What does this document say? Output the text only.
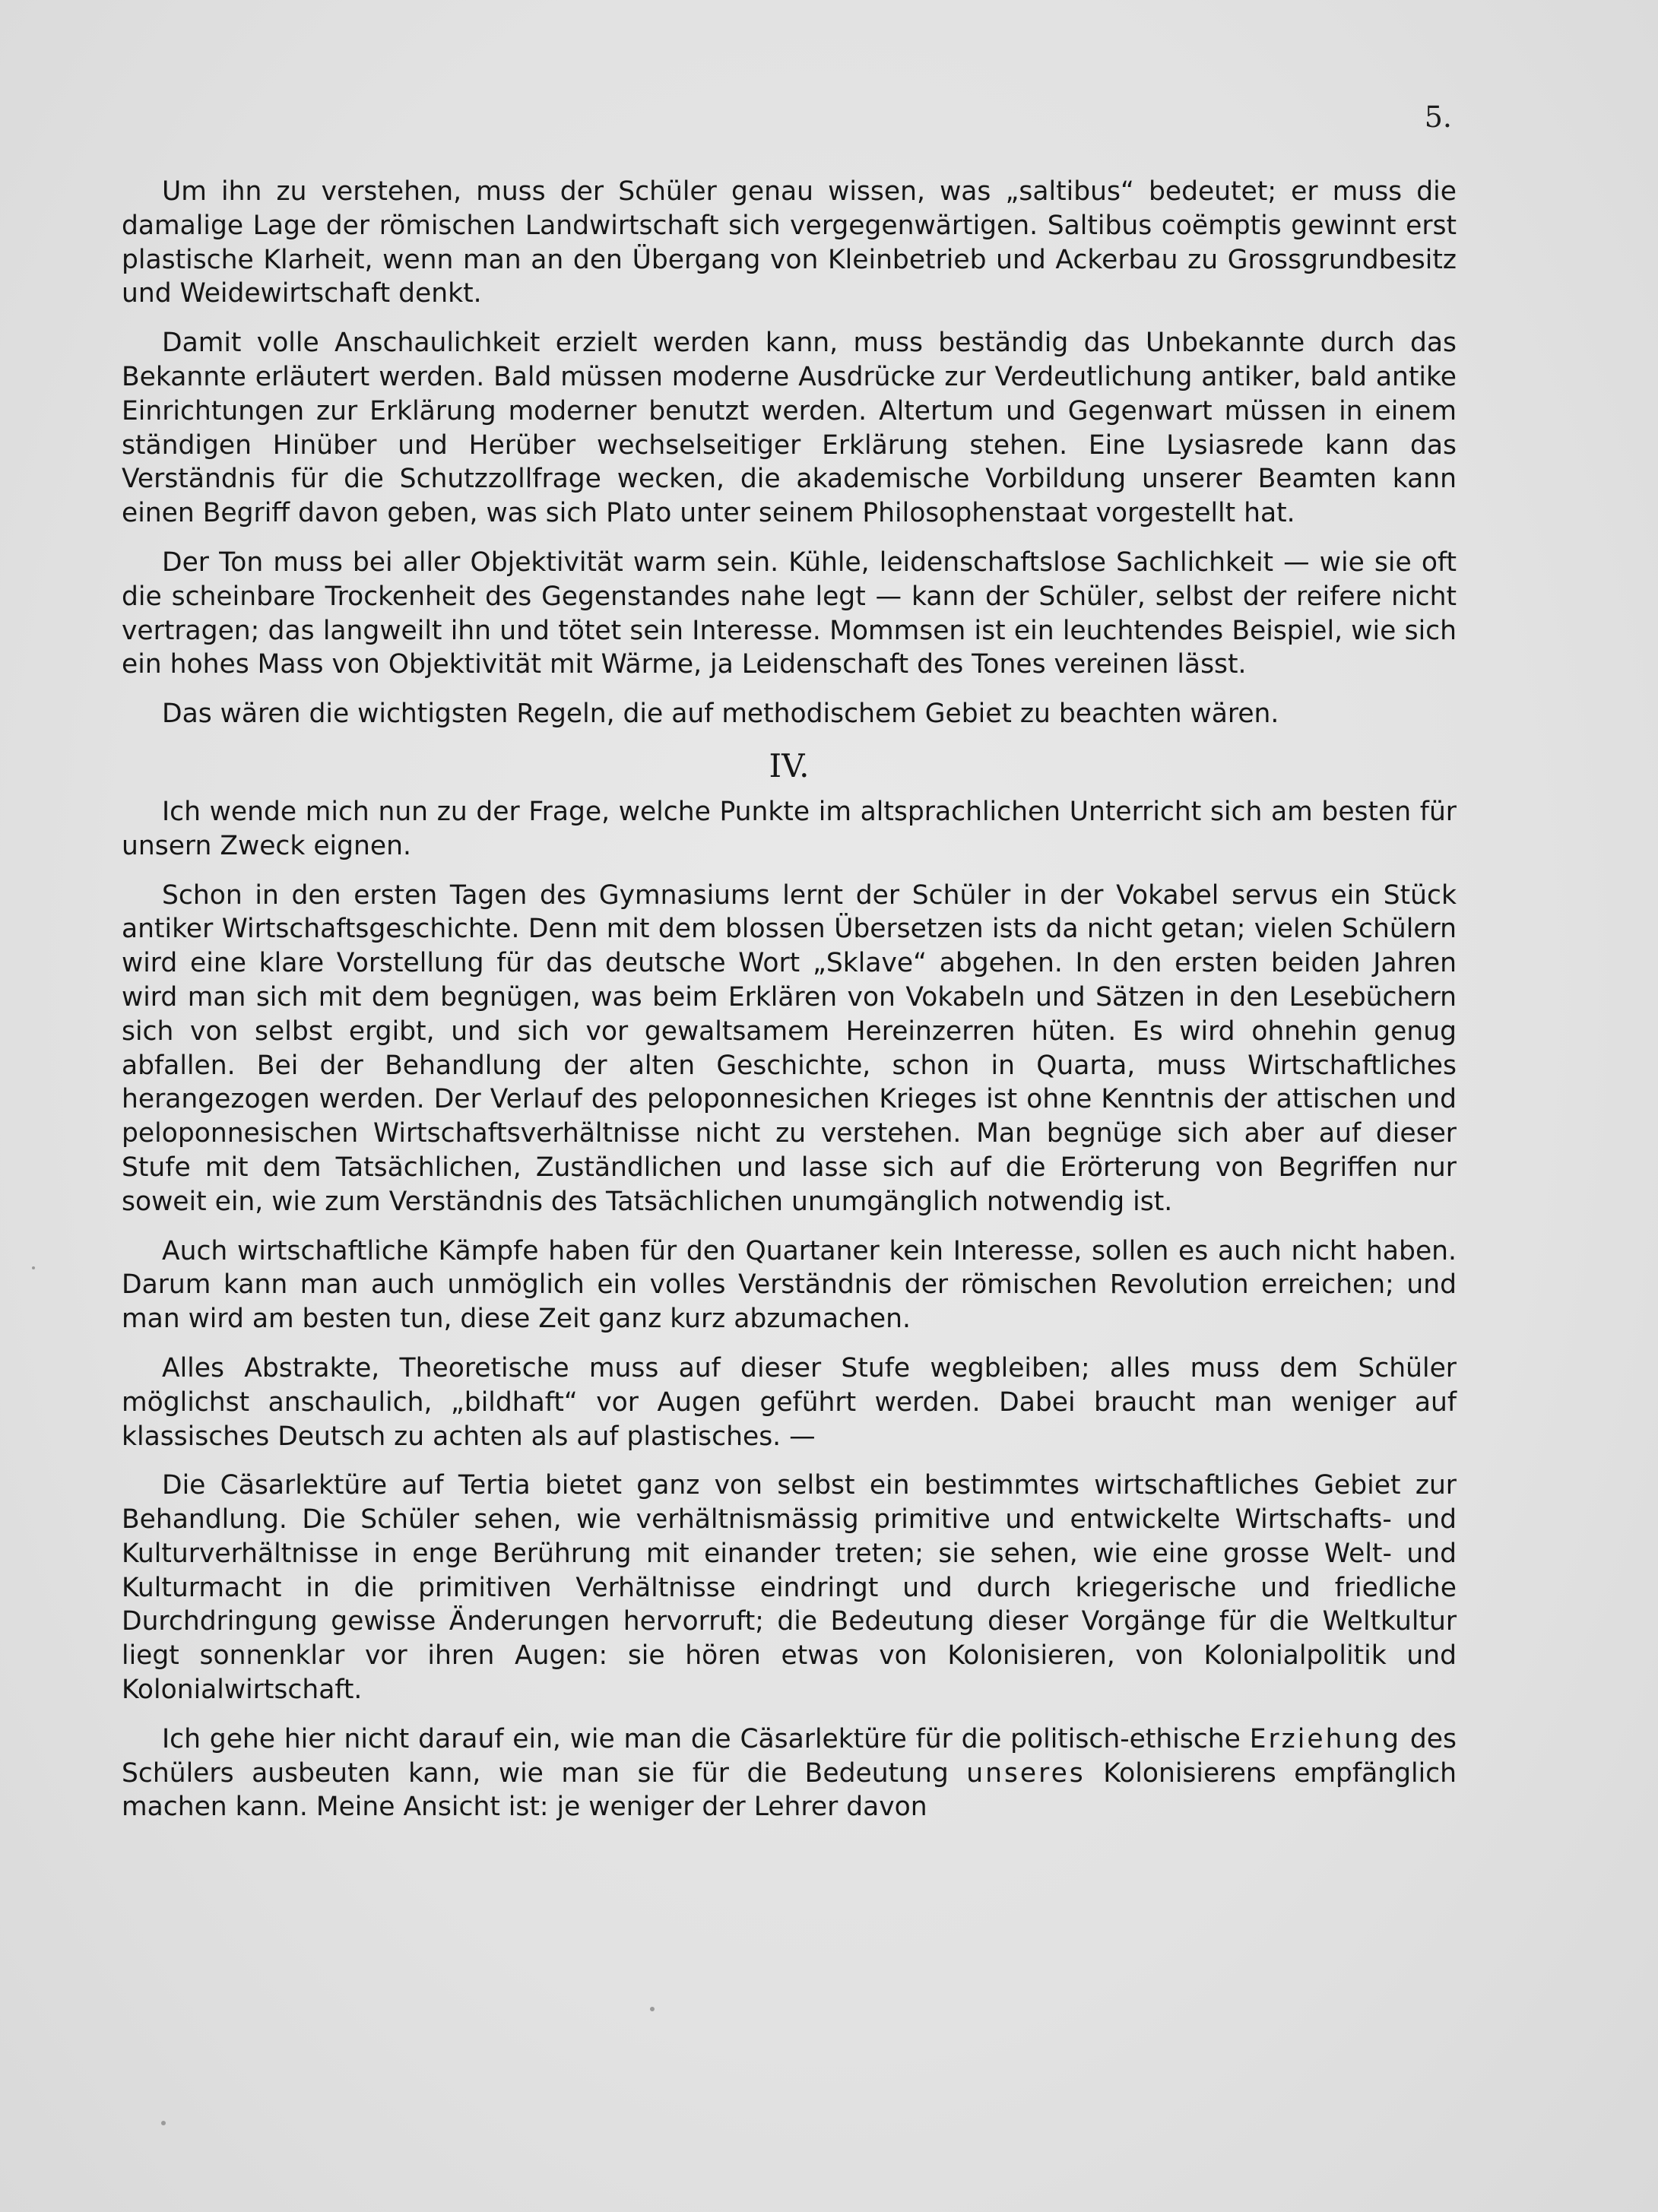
5.

Um ihn zu verstehen, muss der Schüler genau wissen, was „saltibus“ bedeutet; er muss die damalige Lage der römischen Landwirtschaft sich vergegenwärtigen. Saltibus coëmptis gewinnt erst plastische Klarheit, wenn man an den Übergang von Kleinbetrieb und Ackerbau zu Grossgrundbesitz und Weidewirtschaft denkt.

Damit volle Anschaulichkeit erzielt werden kann, muss beständig das Unbekannte durch das Bekannte erläutert werden. Bald müssen moderne Ausdrücke zur Verdeutlichung antiker, bald antike Einrichtungen zur Erklärung moderner benutzt werden. Altertum und Gegenwart müssen in einem ständigen Hinüber und Herüber wechselseitiger Erklärung stehen. Eine Lysiasrede kann das Verständnis für die Schutzzollfrage wecken, die akademische Vorbildung unserer Beamten kann einen Begriff davon geben, was sich Plato unter seinem Philosophenstaat vorgestellt hat.

Der Ton muss bei aller Objektivität warm sein. Kühle, leidenschaftslose Sachlichkeit — wie sie oft die scheinbare Trockenheit des Gegenstandes nahe legt — kann der Schüler, selbst der reifere nicht vertragen; das langweilt ihn und tötet sein Interesse. Mommsen ist ein leuchtendes Beispiel, wie sich ein hohes Mass von Objektivität mit Wärme, ja Leidenschaft des Tones vereinen lässt.

Das wären die wichtigsten Regeln, die auf methodischem Gebiet zu beachten wären.

IV.

Ich wende mich nun zu der Frage, welche Punkte im altsprachlichen Unterricht sich am besten für unsern Zweck eignen.

Schon in den ersten Tagen des Gymnasiums lernt der Schüler in der Vokabel servus ein Stück antiker Wirtschaftsgeschichte. Denn mit dem blossen Übersetzen ists da nicht getan; vielen Schülern wird eine klare Vorstellung für das deutsche Wort „Sklave“ abgehen. In den ersten beiden Jahren wird man sich mit dem begnügen, was beim Erklären von Vokabeln und Sätzen in den Lesebüchern sich von selbst ergibt, und sich vor gewaltsamem Hereinzerren hüten. Es wird ohnehin genug abfallen. Bei der Behandlung der alten Geschichte, schon in Quarta, muss Wirtschaftliches herangezogen werden. Der Verlauf des peloponnesichen Krieges ist ohne Kenntnis der attischen und peloponnesischen Wirtschaftsverhältnisse nicht zu verstehen. Man begnüge sich aber auf dieser Stufe mit dem Tatsächlichen, Zuständlichen und lasse sich auf die Erörterung von Begriffen nur soweit ein, wie zum Verständnis des Tatsächlichen unumgänglich notwendig ist.

Auch wirtschaftliche Kämpfe haben für den Quartaner kein Interesse, sollen es auch nicht haben. Darum kann man auch unmöglich ein volles Verständnis der römischen Revolution erreichen; und man wird am besten tun, diese Zeit ganz kurz abzumachen.

Alles Abstrakte, Theoretische muss auf dieser Stufe wegbleiben; alles muss dem Schüler möglichst anschaulich, „bildhaft“ vor Augen geführt werden. Dabei braucht man weniger auf klassisches Deutsch zu achten als auf plastisches. —

Die Cäsarlektüre auf Tertia bietet ganz von selbst ein bestimmtes wirtschaftliches Gebiet zur Behandlung. Die Schüler sehen, wie verhältnismässig primitive und entwickelte Wirtschafts- und Kulturverhältnisse in enge Berührung mit einander treten; sie sehen, wie eine grosse Welt- und Kulturmacht in die primitiven Verhältnisse eindringt und durch kriegerische und friedliche Durchdringung gewisse Änderungen hervorruft; die Bedeutung dieser Vorgänge für die Weltkultur liegt sonnenklar vor ihren Augen: sie hören etwas von Kolonisieren, von Kolonialpolitik und Kolonialwirtschaft.

Ich gehe hier nicht darauf ein, wie man die Cäsarlektüre für die politisch-ethische Erziehung des Schülers ausbeuten kann, wie man sie für die Bedeutung unseres Kolonisierens empfänglich machen kann. Meine Ansicht ist: je weniger der Lehrer davon
